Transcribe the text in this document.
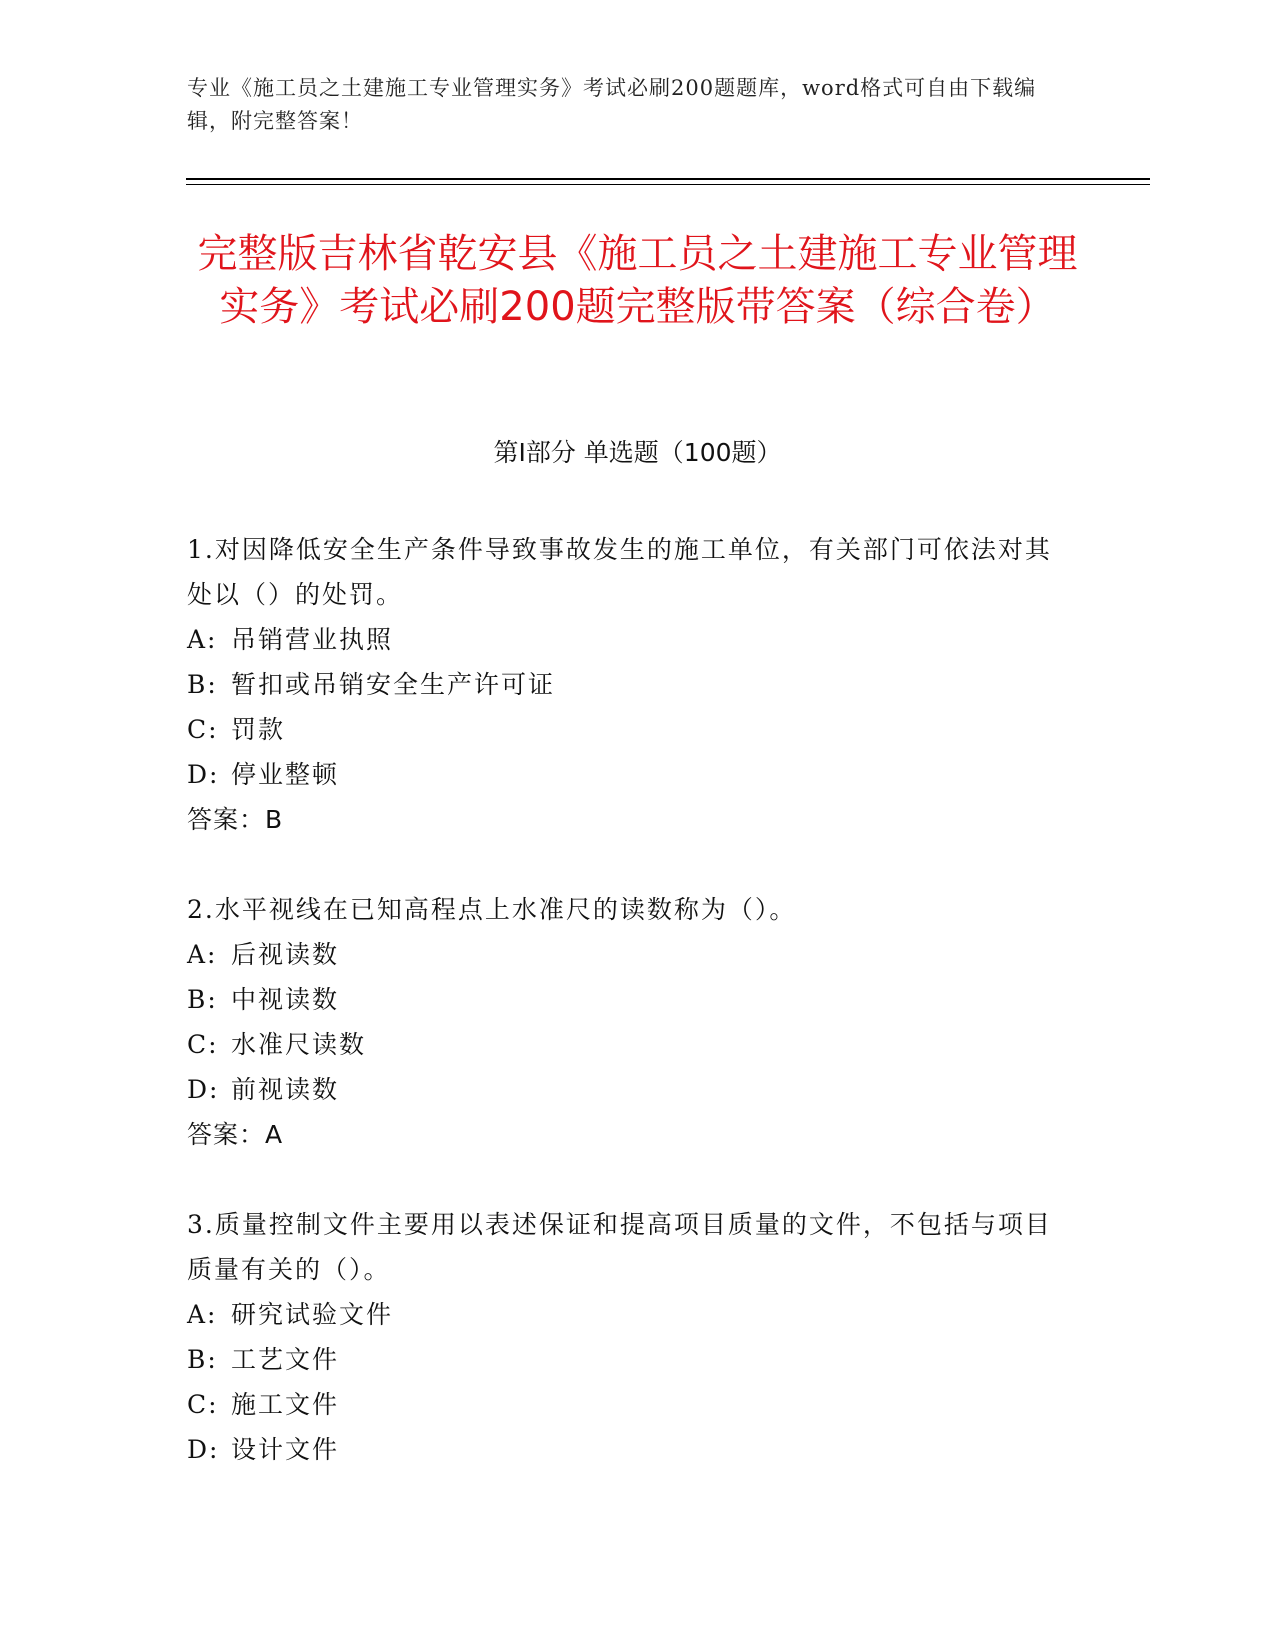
专业《施工员之土建施工专业管理实务》考试必刷200题题库，word格式可自由下载编辑，附完整答案！
完整版吉林省乾安县《施工员之土建施工专业管理实务》考试必刷200题完整版带答案（综合卷）
第Ⅰ部分 单选题（100题）

1.对因降低安全生产条件导致事故发生的施工单位，有关部门可依法对其处以（）的处罚。

A: 吊销营业执照
B: 暂扣或吊销安全生产许可证
C: 罚款
D: 停业整顿
答案：B

2.水平视线在已知高程点上水准尺的读数称为（）。

A: 后视读数
B: 中视读数
C: 水准尺读数
D: 前视读数
答案：A

3.质量控制文件主要用以表述保证和提高项目质量的文件，不包括与项目质量有关的（）。

A: 研究试验文件
B: 工艺文件
C: 施工文件
D: 设计文件
